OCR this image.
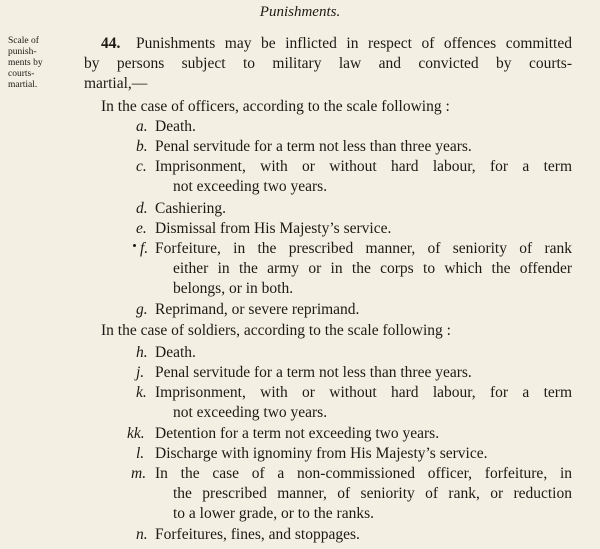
Punishments.
Scale of
punish-
ments by
courts-
martial.
44. Punishments may be inflicted in respect of offences committed
by persons subject to military law and convicted by courts-
martial,—
In the case of officers, according to the scale following :
a. Death.
b. Penal servitude for a term not less than three years.
c. Imprisonment, with or without hard labour, for a term
not exceeding two years.
d. Cashiering.
e. Dismissal from His Majesty’s service.
f. Forfeiture, in the prescribed manner, of seniority of rank
either in the army or in the corps to which the offender
belongs, or in both.
g. Reprimand, or severe reprimand.
In the case of soldiers, according to the scale following :
h. Death.
j. Penal servitude for a term not less than three years.
k. Imprisonment, with or without hard labour, for a term
not exceeding two years.
kk. Detention for a term not exceeding two years.
l. Discharge with ignominy from His Majesty’s service.
m. In the case of a non-commissioned officer, forfeiture, in
the prescribed manner, of seniority of rank, or reduction
to a lower grade, or to the ranks.
n. Forfeitures, fines, and stoppages.
